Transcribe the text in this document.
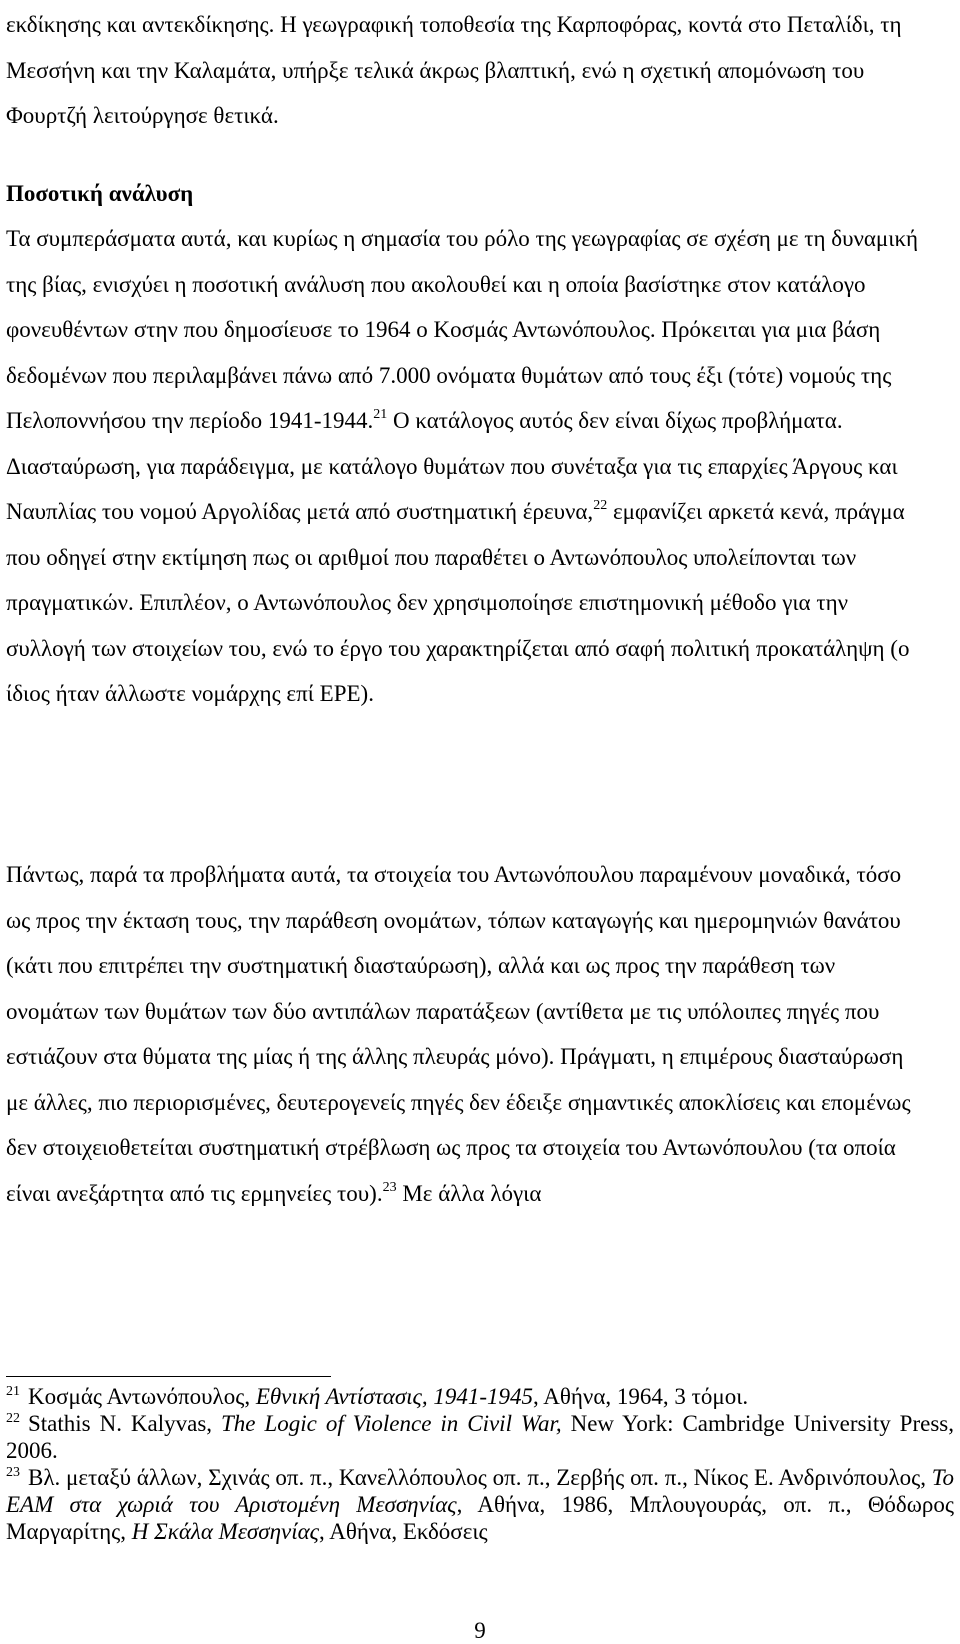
εκδίκησης και αντεκδίκησης. Η γεωγραφική τοποθεσία της Καρποφόρας, κοντά στο Πεταλίδι, τη Μεσσήνη και την Καλαμάτα, υπήρξε τελικά άκρως βλαπτική, ενώ η σχετική απομόνωση του Φουρτζή λειτούργησε θετικά.

Ποσοτική ανάλυση

Τα συμπεράσματα αυτά, και κυρίως η σημασία του ρόλο της γεωγραφίας σε σχέση με τη δυναμική της βίας, ενισχύει η ποσοτική ανάλυση που ακολουθεί και η οποία βασίστηκε στον κατάλογο φονευθέντων στην που δημοσίευσε το 1964 ο Κοσμάς Αντωνόπουλος. Πρόκειται για μια βάση δεδομένων που περιλαμβάνει πάνω από 7.000 ονόματα θυμάτων από τους έξι (τότε) νομούς της Πελοποννήσου την περίοδο 1941-1944.21 Ο κατάλογος αυτός δεν είναι δίχως προβλήματα. Διασταύρωση, για παράδειγμα, με κατάλογο θυμάτων που συνέταξα για τις επαρχίες Άργους και Ναυπλίας του νομού Αργολίδας μετά από συστηματική έρευνα,$^{22}$ εμφανίζει αρκετά κενά, πράγμα που οδηγεί στην εκτίμηση πως οι αριθμοί που παραθέτει ο Αντωνόπουλος υπολείπονται των πραγματικών. Επιπλέον, ο Αντωνόπουλος δεν χρησιμοποίησε επιστημονική μέθοδο για την συλλογή των στοιχείων του, ενώ το έργο του χαρακτηρίζεται από σαφή πολιτική προκατάληψη (ο ίδιος ήταν άλλωστε νομάρχης επί ΕΡΕ).

Πάντως, παρά τα προβλήματα αυτά, τα στοιχεία του Αντωνόπουλου παραμένουν μοναδικά, τόσο ως προς την έκταση τους, την παράθεση ονομάτων, τόπων καταγωγής και ημερομηνιών θανάτου (κάτι που επιτρέπει την συστηματική διασταύρωση), αλλά και ως προς την παράθεση των ονομάτων των θυμάτων των δύο αντιπάλων παρατάξεων (αντίθετα με τις υπόλοιπες πηγές που εστιάζουν στα θύματα της μίας ή της άλλης πλευράς μόνο). Πράγματι, η επιμέρους διασταύρωση με άλλες, πιο περιορισμένες, δευτερογενείς πηγές δεν έδειξε σημαντικές αποκλίσεις και επομένως δεν στοιχειοθετείται συστηματική στρέβλωση ως προς τα στοιχεία του Αντωνόπουλου (τα οποία είναι ανεξάρτητα από τις ερμηνείες του).$^{23}$ Με άλλα λόγια

$^{21}$ Κοσμάς Αντωνόπουλος, Εθνική Αντίστασις, 1941-1945, Αθήνα, 1964, 3 τόμοι.

$^{22}$ Stathis N. Kalyvas, The Logic of Violence in Civil War, New York: Cambridge University Press, 2006.

$^{23}$ Βλ. μεταξύ άλλων, Σχινάς οπ. π., Κανελλόπουλος οπ. π., Ζερβής οπ. π., Νίκος Ε. Ανδρινόπουλος, Το ΕΑΜ στα χωριά του Αριστομένη Μεσσηνίας, Αθήνα, 1986, Μπλουγουράς, οπ. π., Θόδωρος Μαργαρίτης, Η Σκάλα Μεσσηνίας, Αθήνα, Εκδόσεις

9
